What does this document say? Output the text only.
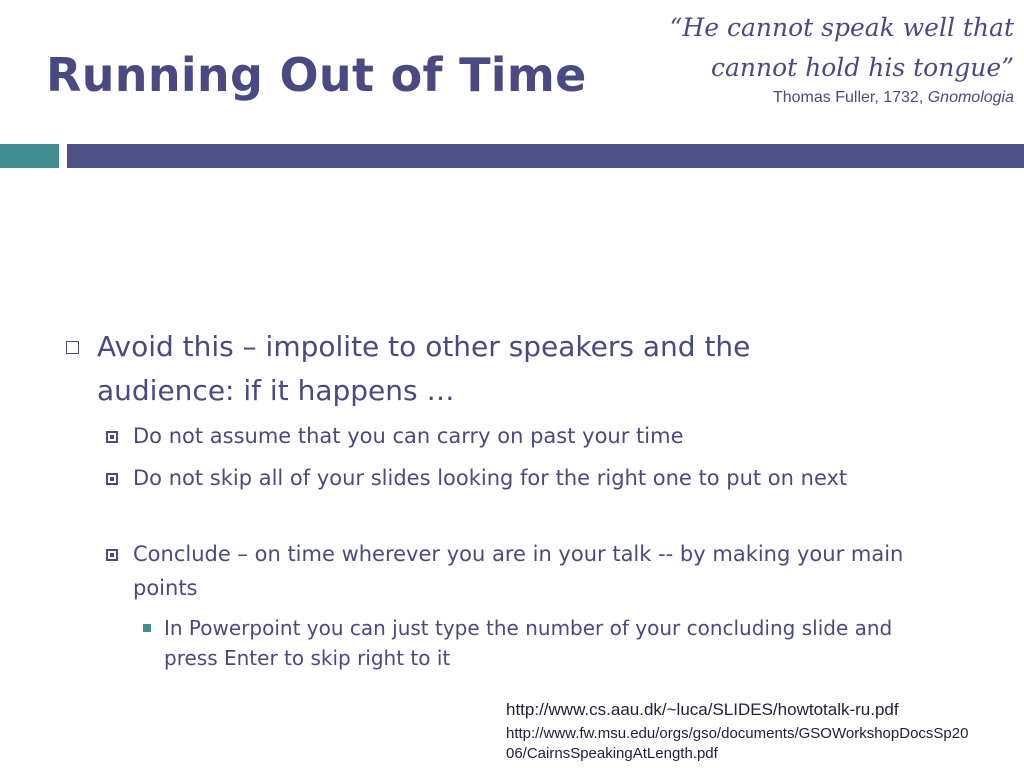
Running Out of Time
“He cannot speak well that
cannot hold his tongue”
Thomas Fuller, 1732, Gnomologia
Avoid this – impolite to other speakers and the audience: if it happens …
Do not assume that you can carry on past your time
Do not skip all of your slides looking for the right one to put on next
Conclude – on time wherever you are in your talk -- by making your main points
In Powerpoint you can just type the number of your concluding slide and press Enter to skip right to it
http://www.cs.aau.dk/~luca/SLIDES/howtotalk-ru.pdf
http://www.fw.msu.edu/orgs/gso/documents/GSOWorkshopDocsSp2006/CairnsSpeakingAtLength.pdf
